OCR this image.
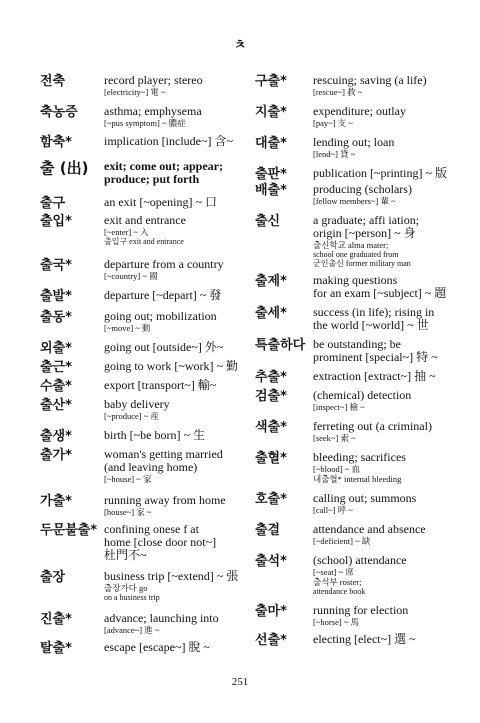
ㅊ
전축	record player; stereo
[electricity~] 電 ~
축농증 asthma; emphysema
[~pus symptom] ~ 膿症
함축*	implication [include~] 含~
출 (出) exit; come out; appear;
produce; put forth
출구	an exit [~opening] ~ 口
출입*	exit and entrance
[~enter] ~ 入
출입구 exit and entrance
출국*	departure from a country
[~country] ~ 國
출발*	departure [~depart] ~ 發
출동*	going out; mobilization
[~move] ~ 動
외출*	going out [outside~] 外~
출근*	going to work [~work] ~ 勤
수출*	export [transport~] 輸~
출산*	baby delivery
[~produce] ~ 産
출생*	birth [~be born] ~ 生
출가*	woman's getting married
(and leaving home)
[~house] ~ 家
가출*	running away from home
[house~] 家 ~
두문불출* confining onese f at
home [close door not~]
杜門不~
출장	business trip [~extend] ~ 張
출장가다 go
on a business trip
진출*	advance; launching into
[advance~] 進 ~
탈출*	escape [escape~] 脫 ~
구출* rescuing; saving (a life)
[rescue~] 救 ~
지출* expenditure; outlay
[pay~] 支 ~
대출* lending out; loan
[lend~] 貸 ~
출판* publication [~printing] ~ 版
배출* producing (scholars)
[fellow members~] 輩 ~
출신	a graduate; affi iation;
origin [~person] ~ 身
출신학교 alma mater;
school one graduated from
군인출신 former military man
출제* making questions
for an exam [~subject] ~ 題
출세* success (in life); rising in
the world [~world] ~ 世
특출하다 be outstanding; be
prominent [special~] 特 ~
추출* extraction [extract~] 抽 ~
검출* (chemical) detection
[inspect~] 檢 ~
색출* ferreting out (a criminal)
[seek~] 索 ~
출혈* bleeding; sacrifices
[~blood] ~ 血
내출혈* internal bleeding
호출* calling out; summons
[call~] 呼 ~
출결	attendance and absence
[~deficient] ~ 缺
출석* (school) attendance
[~seat] ~ 席
출석부 roster;
attendance book
출마* running for election
[~horse] ~ 馬
선출* electing [elect~] 選 ~
251
